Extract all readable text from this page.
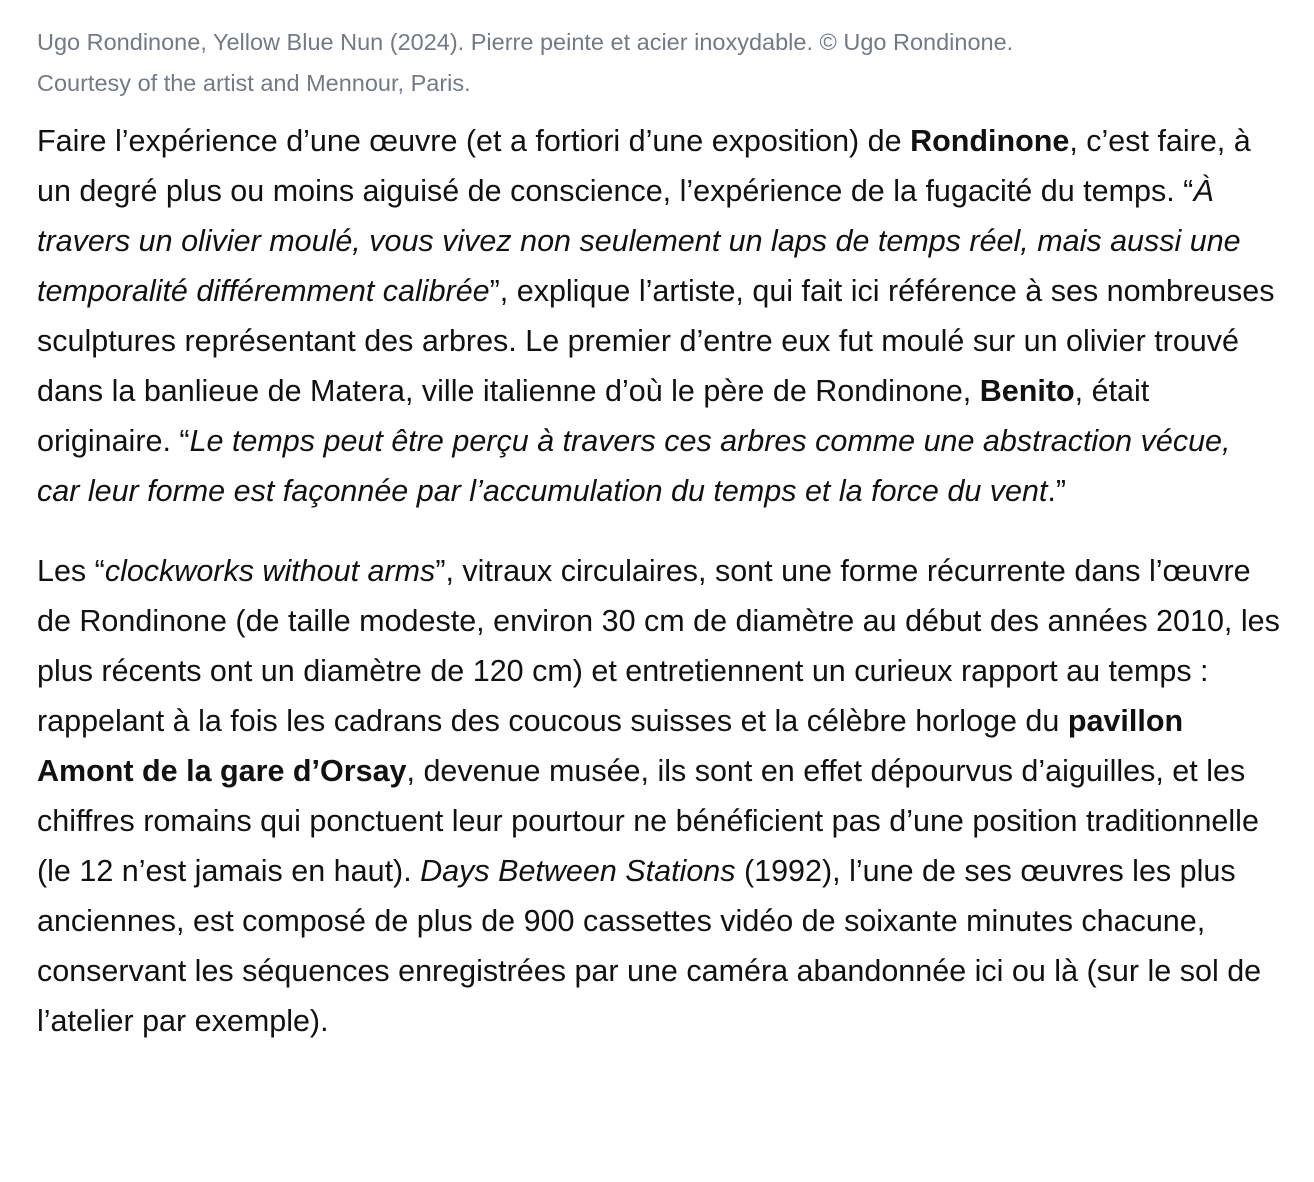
Ugo Rondinone, Yellow Blue Nun (2024). Pierre peinte et acier inoxydable. © Ugo Rondinone.
Courtesy of the artist and Mennour, Paris.

Faire l’expérience d’une œuvre (et a fortiori d’une exposition) de Rondinone, c’est faire, à un degré plus ou moins aiguisé de conscience, l’expérience de la fugacité du temps. “À travers un olivier moulé, vous vivez non seulement un laps de temps réel, mais aussi une temporalité différemment calibrée”, explique l’artiste, qui fait ici référence à ses nombreuses sculptures représentant des arbres. Le premier d’entre eux fut moulé sur un olivier trouvé dans la banlieue de Matera, ville italienne d’où le père de Rondinone, Benito, était originaire. “Le temps peut être perçu à travers ces arbres comme une abstraction vécue, car leur forme est façonnée par l’accumulation du temps et la force du vent.”

Les “clockworks without arms”, vitraux circulaires, sont une forme récurrente dans l’œuvre de Rondinone (de taille modeste, environ 30 cm de diamètre au début des années 2010, les plus récents ont un diamètre de 120 cm) et entretiennent un curieux rapport au temps : rappelant à la fois les cadrans des coucous suisses et la célèbre horloge du pavillon Amont de la gare d’Orsay, devenue musée, ils sont en effet dépourvus d’aiguilles, et les chiffres romains qui ponctuent leur pourtour ne bénéficient pas d’une position traditionnelle (le 12 n’est jamais en haut). Days Between Stations (1992), l’une de ses œuvres les plus anciennes, est composé de plus de 900 cassettes vidéo de soixante minutes chacune, conservant les séquences enregistrées par une caméra abandonnée ici ou là (sur le sol de l’atelier par exemple).
